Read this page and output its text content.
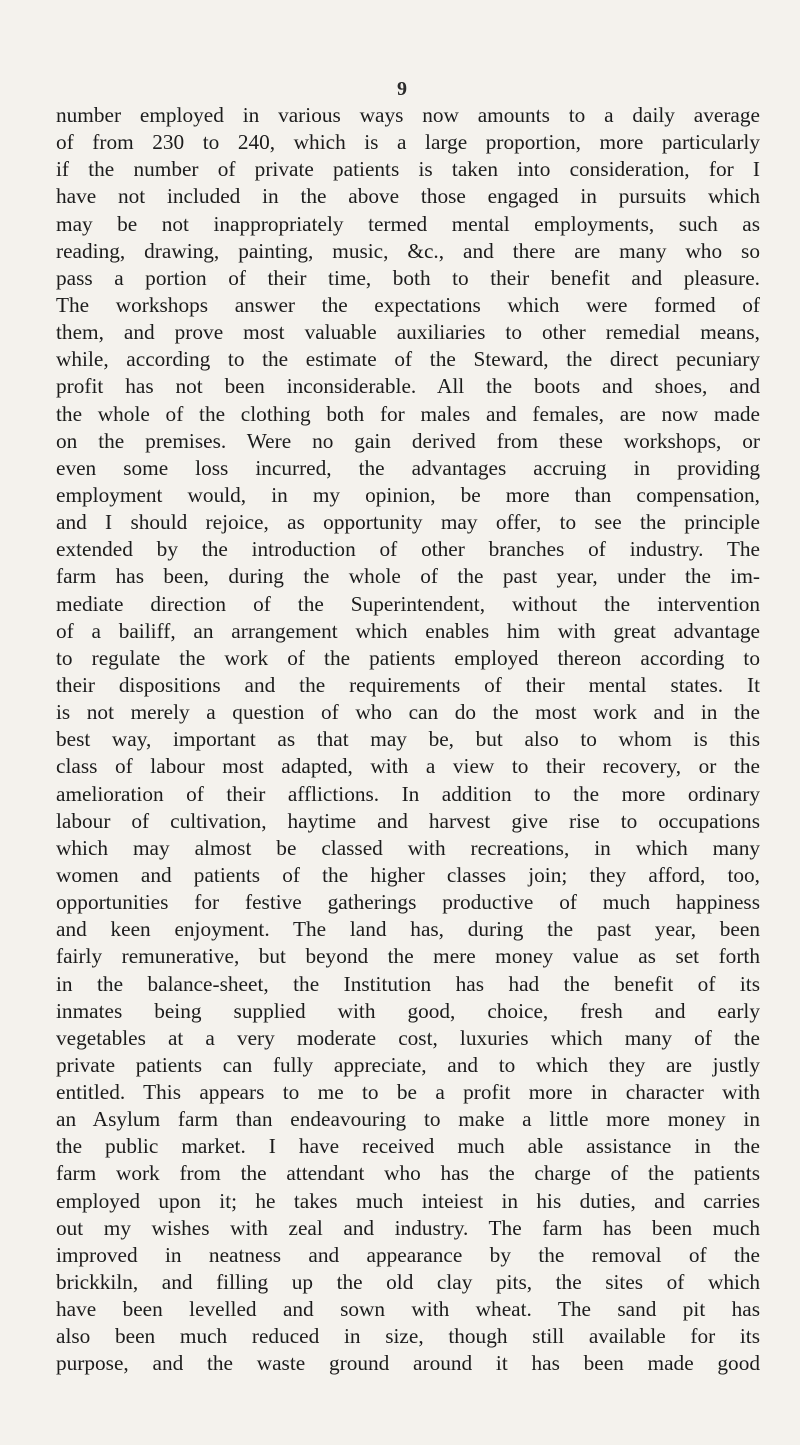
9
number employed in various ways now amounts to a daily average
of from 230 to 240, which is a large proportion, more particularly
if the number of private patients is taken into consideration, for I
have not included in the above those engaged in pursuits which
may be not inappropriately termed mental employments, such as
reading, drawing, painting, music, &c., and there are many who so
pass a portion of their time, both to their benefit and pleasure.
The workshops answer the expectations which were formed of
them, and prove most valuable auxiliaries to other remedial means,
while, according to the estimate of the Steward, the direct pecuniary
profit has not been inconsiderable. All the boots and shoes, and
the whole of the clothing both for males and females, are now made
on the premises. Were no gain derived from these workshops, or
even some loss incurred, the advantages accruing in providing
employment would, in my opinion, be more than compensation,
and I should rejoice, as opportunity may offer, to see the principle
extended by the introduction of other branches of industry. The
farm has been, during the whole of the past year, under the im-
mediate direction of the Superintendent, without the intervention
of a bailiff, an arrangement which enables him with great advantage
to regulate the work of the patients employed thereon according to
their dispositions and the requirements of their mental states. It
is not merely a question of who can do the most work and in the
best way, important as that may be, but also to whom is this
class of labour most adapted, with a view to their recovery, or the
amelioration of their afflictions. In addition to the more ordinary
labour of cultivation, haytime and harvest give rise to occupations
which may almost be classed with recreations, in which many
women and patients of the higher classes join; they afford, too,
opportunities for festive gatherings productive of much happiness
and keen enjoyment. The land has, during the past year, been
fairly remunerative, but beyond the mere money value as set forth
in the balance-sheet, the Institution has had the benefit of its
inmates being supplied with good, choice, fresh and early
vegetables at a very moderate cost, luxuries which many of the
private patients can fully appreciate, and to which they are justly
entitled. This appears to me to be a profit more in character with
an Asylum farm than endeavouring to make a little more money in
the public market. I have received much able assistance in the
farm work from the attendant who has the charge of the patients
employed upon it; he takes much inteiest in his duties, and carries
out my wishes with zeal and industry. The farm has been much
improved in neatness and appearance by the removal of the
brickkiln, and filling up the old clay pits, the sites of which
have been levelled and sown with wheat. The sand pit has
also been much reduced in size, though still available for its
purpose, and the waste ground around it has been made good
